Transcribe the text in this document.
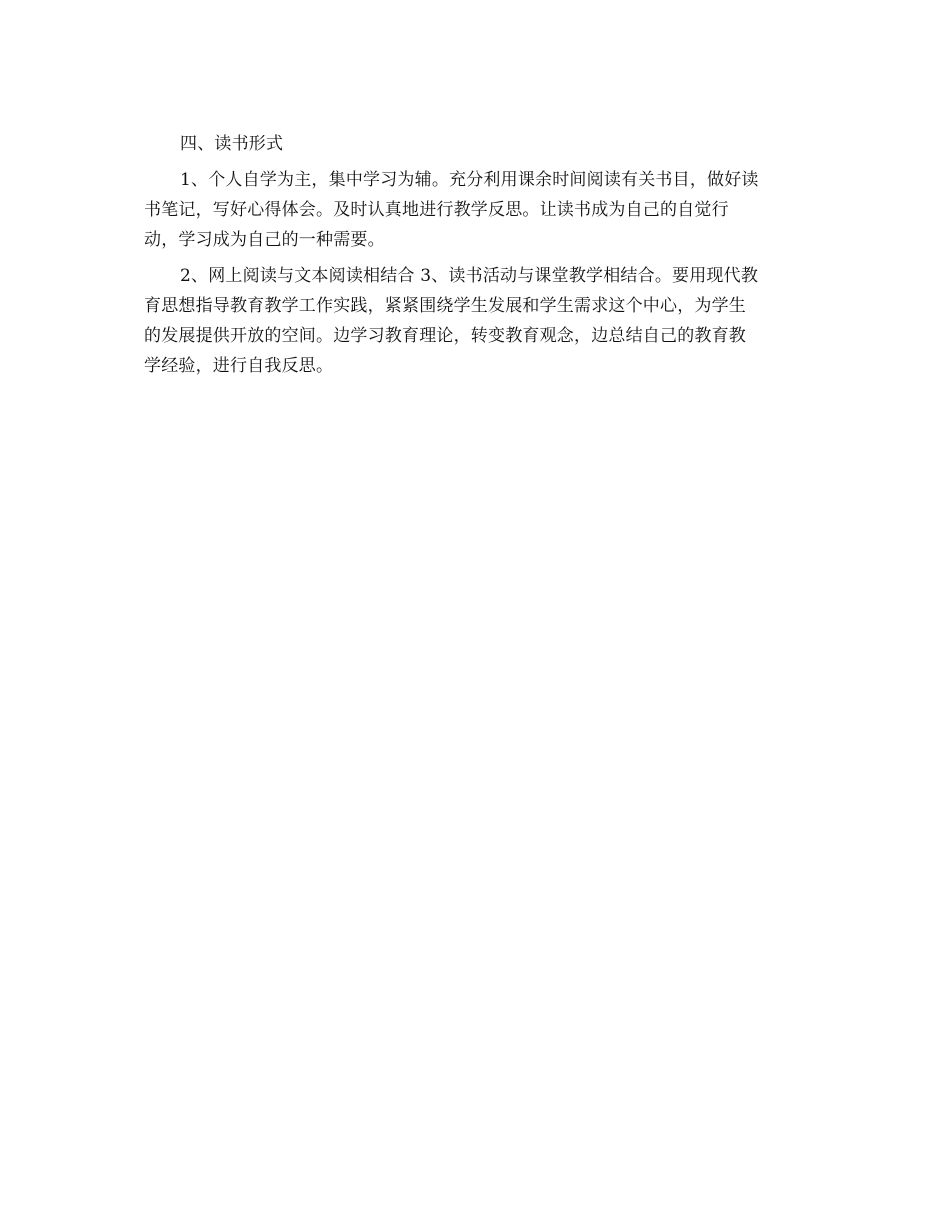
四、读书形式
1、个人自学为主，集中学习为辅。充分利用课余时间阅读有关书目，做好读
书笔记，写好心得体会。及时认真地进行教学反思。让读书成为自己的自觉行
动，学习成为自己的一种需要。
2、网上阅读与文本阅读相结合 3、读书活动与课堂教学相结合。要用现代教
育思想指导教育教学工作实践，紧紧围绕学生发展和学生需求这个中心，为学生
的发展提供开放的空间。边学习教育理论，转变教育观念，边总结自己的教育教
学经验，进行自我反思。
